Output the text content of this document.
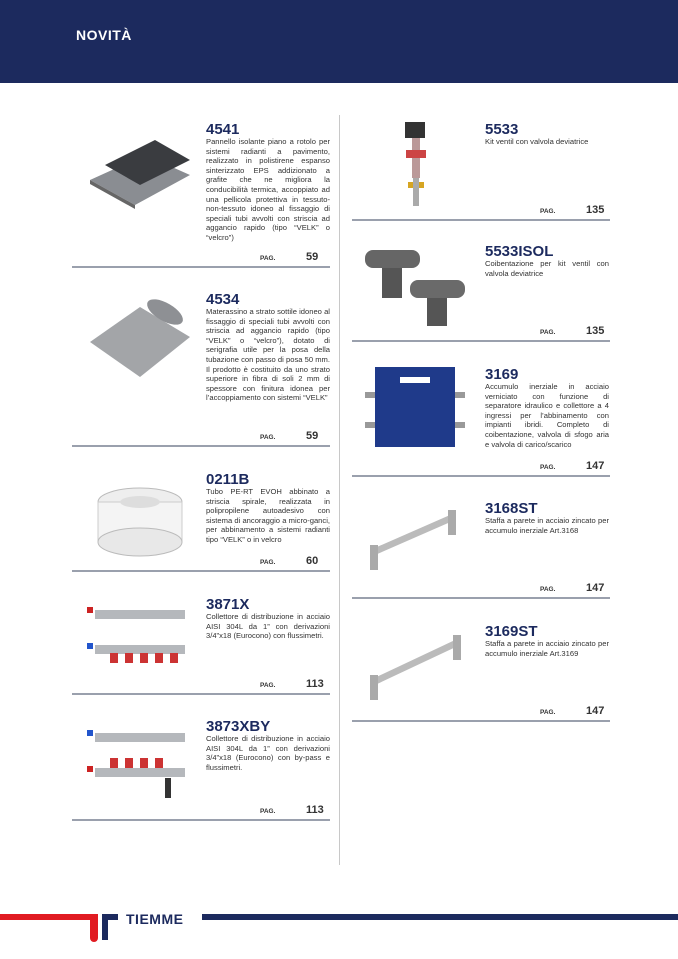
NOVITÀ
4541
Pannello isolante piano a rotolo per sistemi radianti a pavimento, realizzato in polistirene espanso sinterizzato EPS addizionato a grafite che ne migliora la conducibilità termica, accoppiato ad una pellicola protettiva in tessuto-non-tessuto idoneo al fissaggio di speciali tubi avvolti con striscia ad aggancio rapido (tipo “VELK” o “velcro”)
PAG.	59
4534
Materassino a strato sottile idoneo al fissaggio di speciali tubi avvolti con striscia ad aggancio rapido (tipo “VELK” o “velcro”), dotato di serigrafia utile per la posa della tubazione con passo di posa 50 mm. Il prodotto è costituito da uno strato superiore in fibra di soli 2 mm di spessore con finitura idonea per l’accoppiamento con sistemi “VELK”
PAG.	59
0211B
Tubo PE-RT EVOH abbinato a striscia spirale, realizzata in polipropilene autoadesivo con sistema di ancoraggio a micro-ganci, per abbinamento a sistemi radianti tipo “VELK” o in velcro
PAG.	60
3871X
Collettore di distribuzione in acciaio AISI 304L da 1” con derivazioni 3/4”x18 (Eurocono) con flussimetri.
PAG.	113
3873XBY
Collettore di distribuzione in acciaio AISI 304L da 1” con derivazioni 3/4”x18 (Eurocono) con by-pass e flussimetri.
PAG.	113
5533
Kit ventil con valvola deviatrice
PAG.	135
5533ISOL
Coibentazione per kit ventil con valvola deviatrice
PAG.	135
3169
Accumulo inerziale in acciaio verniciato con funzione di separatore idraulico e collettore a 4 ingressi per l’abbinamento con impianti ibridi. Completo di coibentazione, valvola di sfogo aria e valvola di carico/scarico
PAG.	147
3168ST
Staffa a parete in acciaio zincato per accumulo inerziale Art.3168
PAG.	147
3169ST
Staffa a parete in acciaio zincato per accumulo inerziale Art.3169
PAG.	147
TIEMME
